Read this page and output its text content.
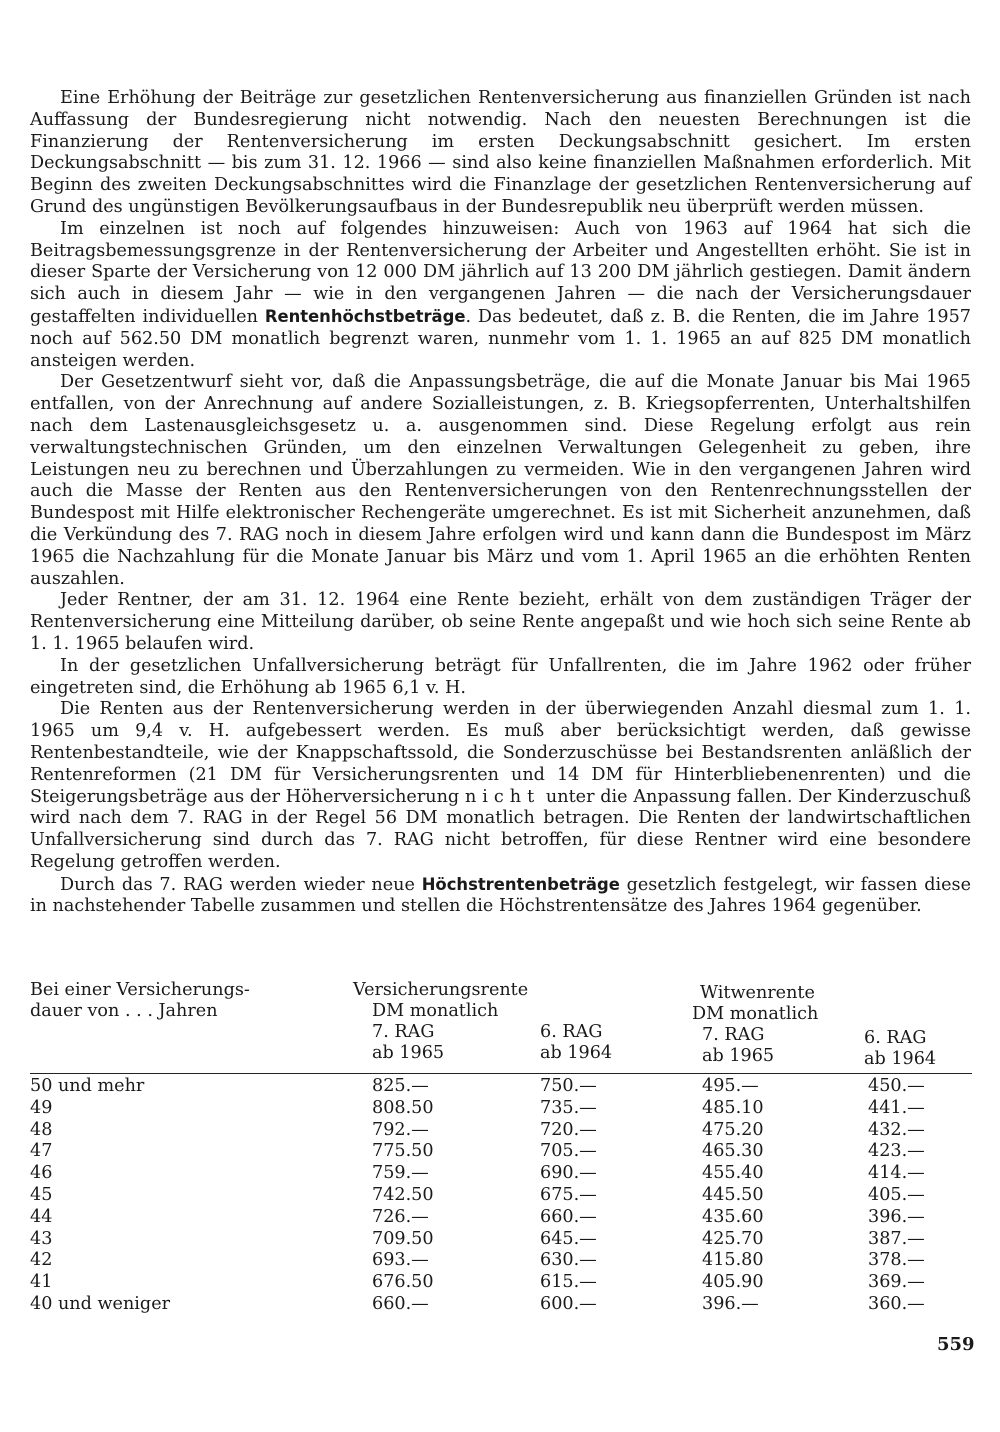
Eine Erhöhung der Beiträge zur gesetzlichen Rentenversicherung aus finanziellen Gründen ist nach Auffassung der Bundesregierung nicht notwendig. Nach den neuesten Berechnungen ist die Finanzierung der Rentenversicherung im ersten Deckungsabschnitt gesichert. Im ersten Deckungsabschnitt — bis zum 31. 12. 1966 — sind also keine finanziellen Maßnahmen erforderlich. Mit Beginn des zweiten Deckungsabschnittes wird die Finanzlage der gesetzlichen Rentenversicherung auf Grund des ungünstigen Bevölkerungsaufbaus in der Bundesrepublik neu überprüft werden müssen.

Im einzelnen ist noch auf folgendes hinzuweisen: Auch von 1963 auf 1964 hat sich die Beitragsbemessungsgrenze in der Rentenversicherung der Arbeiter und Angestellten erhöht. Sie ist in dieser Sparte der Versicherung von 12 000 DM jährlich auf 13 200 DM jährlich gestiegen. Damit ändern sich auch in diesem Jahr — wie in den vergangenen Jahren — die nach der Versicherungsdauer gestaffelten individuellen Rentenhöchstbeträge. Das bedeutet, daß z. B. die Renten, die im Jahre 1957 noch auf 562.50 DM monatlich begrenzt waren, nunmehr vom 1. 1. 1965 an auf 825 DM monatlich ansteigen werden.

Der Gesetzentwurf sieht vor, daß die Anpassungsbeträge, die auf die Monate Januar bis Mai 1965 entfallen, von der Anrechnung auf andere Sozialleistungen, z. B. Kriegsopferrenten, Unterhaltshilfen nach dem Lastenausgleichsgesetz u. a. ausgenommen sind. Diese Regelung erfolgt aus rein verwaltungstechnischen Gründen, um den einzelnen Verwaltungen Gelegenheit zu geben, ihre Leistungen neu zu berechnen und Überzahlungen zu vermeiden. Wie in den vergangenen Jahren wird auch die Masse der Renten aus den Rentenversicherungen von den Rentenrechnungsstellen der Bundespost mit Hilfe elektronischer Rechengeräte umgerechnet. Es ist mit Sicherheit anzunehmen, daß die Verkündung des 7. RAG noch in diesem Jahre erfolgen wird und kann dann die Bundespost im März 1965 die Nachzahlung für die Monate Januar bis März und vom 1. April 1965 an die erhöhten Renten auszahlen.

Jeder Rentner, der am 31. 12. 1964 eine Rente bezieht, erhält von dem zuständigen Träger der Rentenversicherung eine Mitteilung darüber, ob seine Rente angepaßt und wie hoch sich seine Rente ab 1. 1. 1965 belaufen wird.

In der gesetzlichen Unfallversicherung beträgt für Unfallrenten, die im Jahre 1962 oder früher eingetreten sind, die Erhöhung ab 1965 6,1 v. H.

Die Renten aus der Rentenversicherung werden in der überwiegenden Anzahl diesmal zum 1. 1. 1965 um 9,4 v. H. aufgebessert werden. Es muß aber berücksichtigt werden, daß gewisse Rentenbestandteile, wie der Knappschaftssold, die Sonderzuschüsse bei Bestandsrenten anläßlich der Rentenreformen (21 DM für Versicherungsrenten und 14 DM für Hinterbliebenenrenten) und die Steigerungsbeträge aus der Höherversicherung nicht unter die Anpassung fallen. Der Kinderzuschuß wird nach dem 7. RAG in der Regel 56 DM monatlich betragen. Die Renten der landwirtschaftlichen Unfallversicherung sind durch das 7. RAG nicht betroffen, für diese Rentner wird eine besondere Regelung getroffen werden.

Durch das 7. RAG werden wieder neue Höchstrentenbeträge gesetzlich festgelegt, wir fassen diese in nachstehender Tabelle zusammen und stellen die Höchstrentensätze des Jahres 1964 gegenüber.

Bei einer Versicherungs-
dauer von . . . Jahren
Versicherungsrente
DM monatlich
7. RAG
ab 1965
6. RAG
ab 1964
Witwenrente
DM monatlich
7. RAG
ab 1965
6. RAG
ab 1964
50 und mehr	825.—	750.—	495.—	450.—
49	808.50	735.—	485.10	441.—
48	792.—	720.—	475.20	432.—
47	775.50	705.—	465.30	423.—
46	759.—	690.—	455.40	414.—
45	742.50	675.—	445.50	405.—
44	726.—	660.—	435.60	396.—
43	709.50	645.—	425.70	387.—
42	693.—	630.—	415.80	378.—
41	676.50	615.—	405.90	369.—
40 und weniger	660.—	600.—	396.—	360.—
559
